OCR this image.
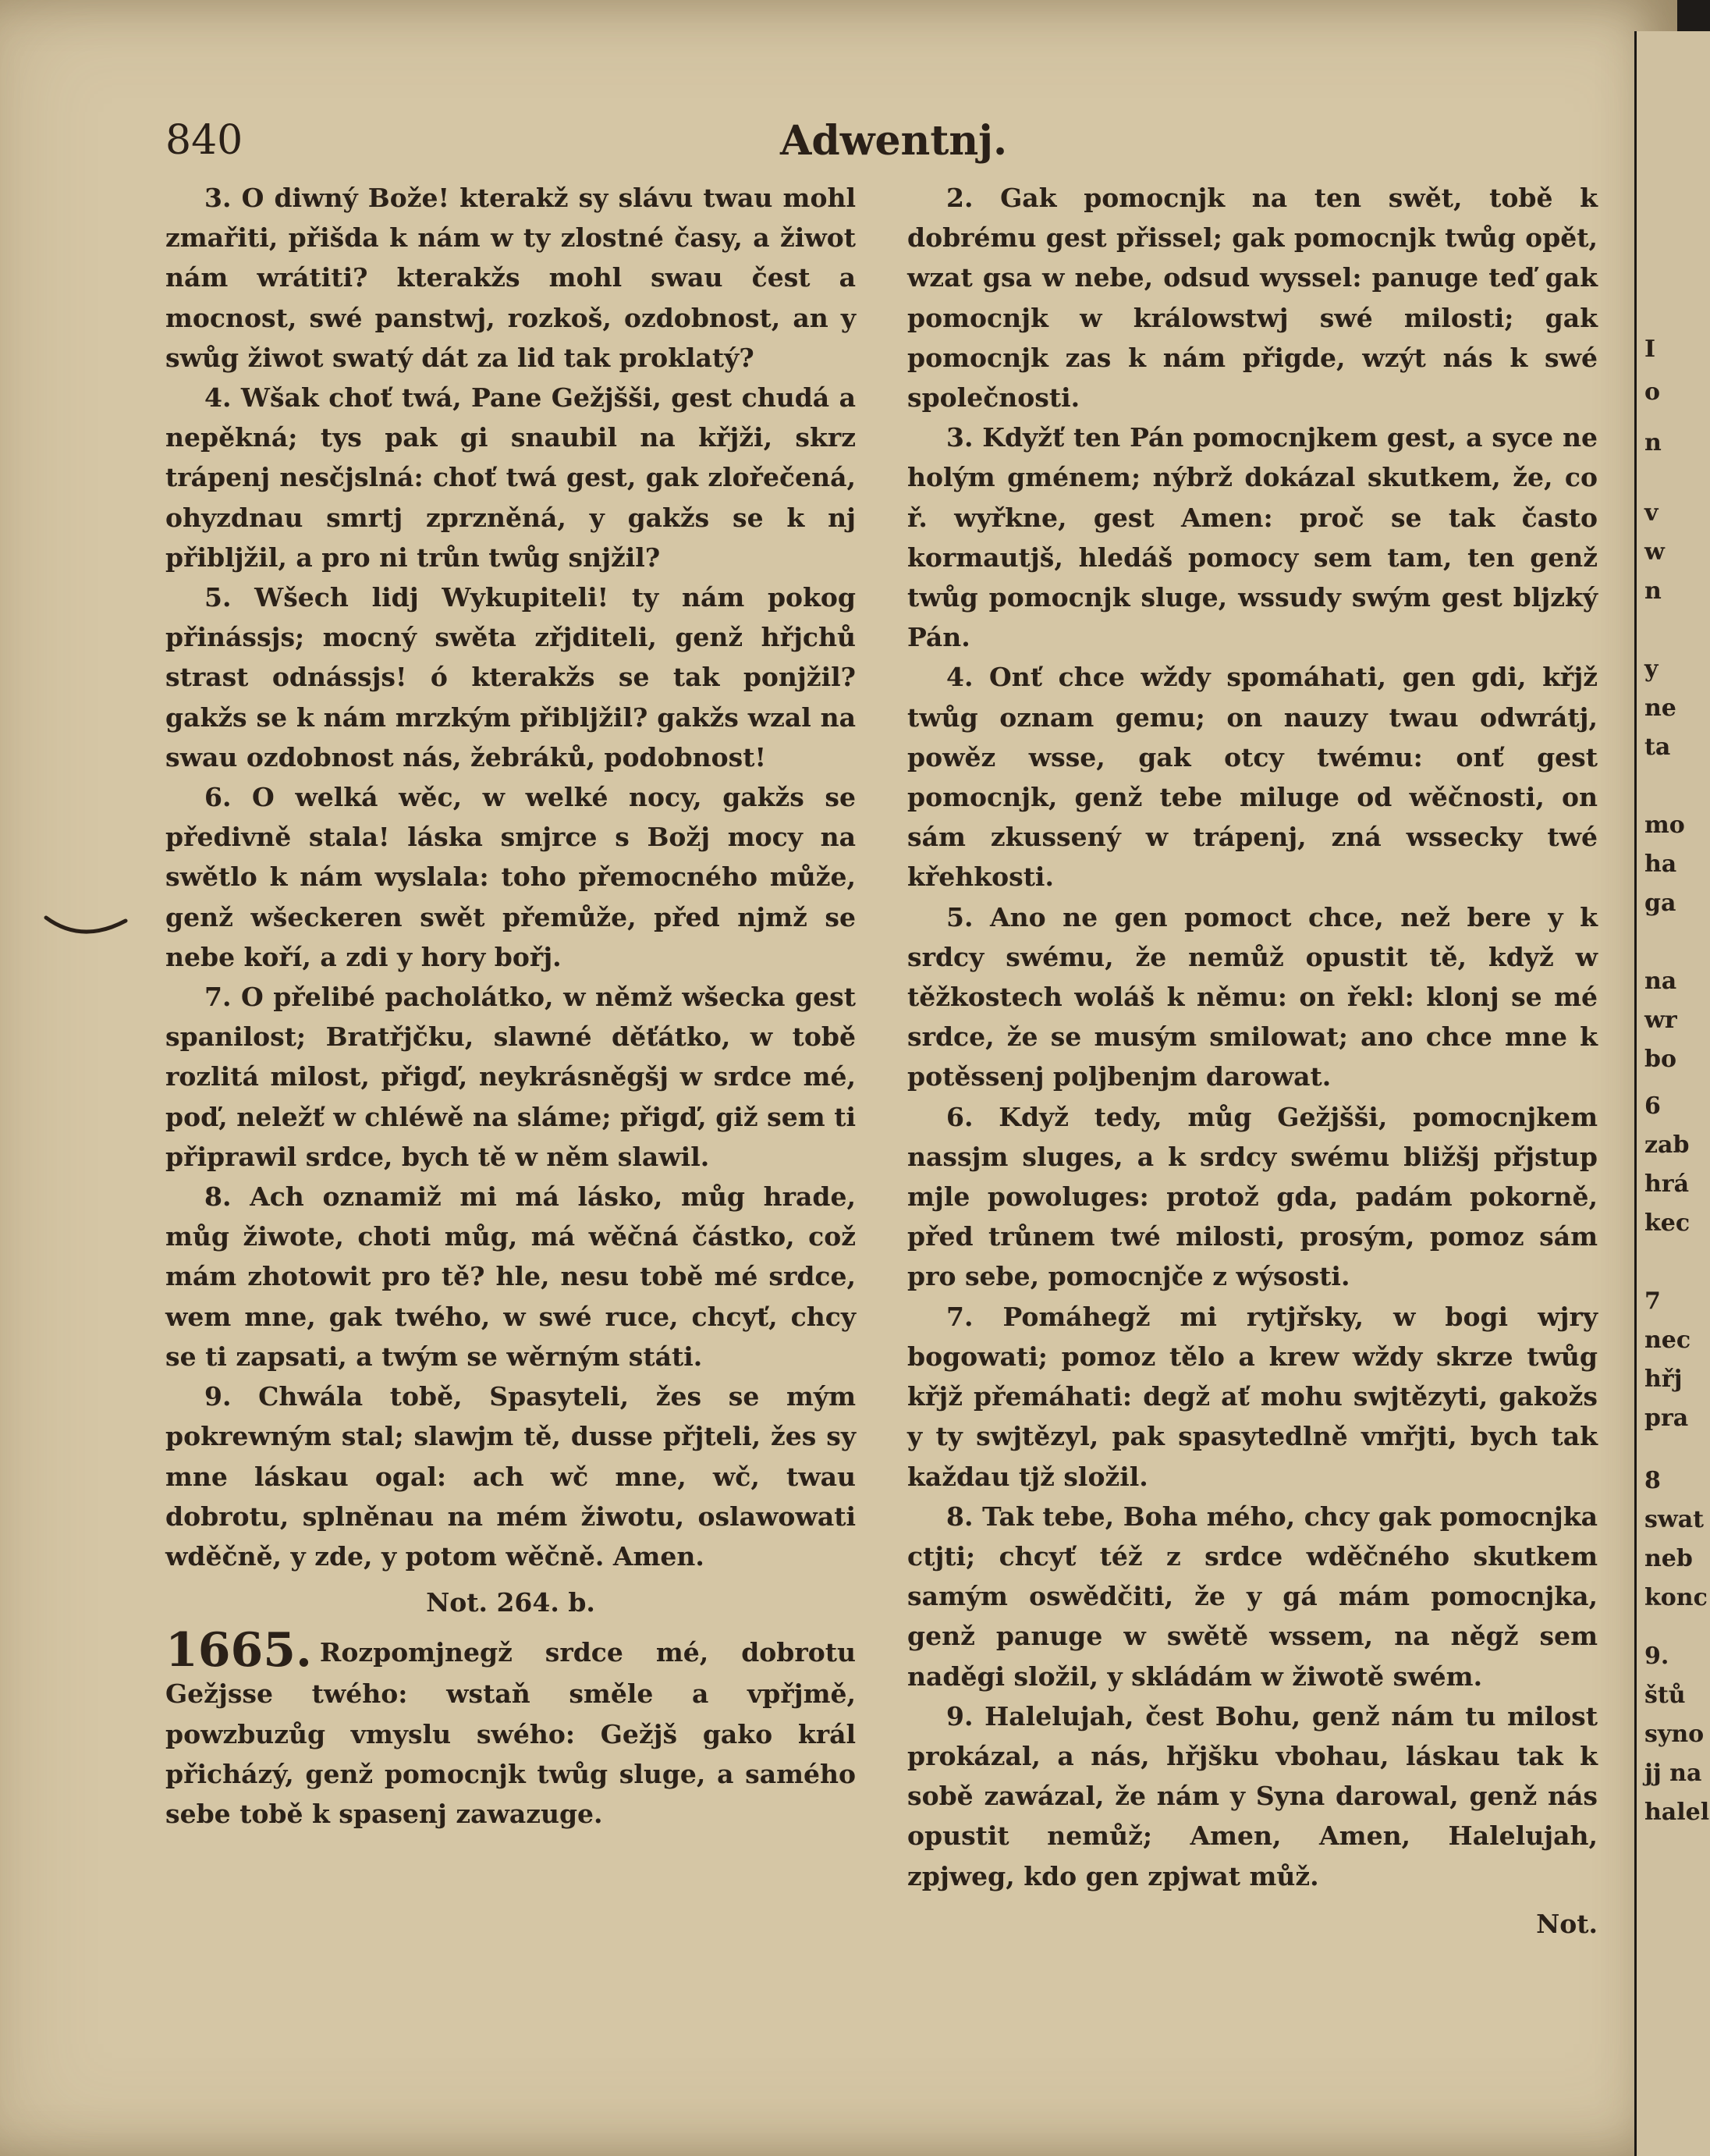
840	Adwentnj.

3. O diwný Bože! kterakž sy slávu twau mohl zmařiti, přišda k nám w ty zlostné časy, a žiwot nám wrátiti? kterakžs mohl swau čest a mocnost, swé panstwj, rozkoš, ozdobnost, an y swůg žiwot swatý dát za lid tak proklatý?

4. Wšak choť twá, Pane Gežjšši, gest chudá a nepěkná; tys pak gi snaubil na křjži, skrz trápenj nesčjslná: choť twá gest, gak zlořečená, ohyzdnau smrtj zprzněná, y gakžs se k nj přibljžil, a pro ni trůn twůg snjžil?

5. Wšech lidj Wykupiteli! ty nám pokog přinássjs; mocný swěta zřjditeli, genž hřjchů strast odnássjs! ó kterakžs se tak ponjžil? gakžs se k nám mrzkým přibljžil? gakžs wzal na swau ozdobnost nás, žebráků, podobnost!

6. O welká wěc, w welké nocy, gakžs se předivně stala! láska smjrce s Božj mocy na swětlo k nám wyslala: toho přemocného může, genž wšeckeren swět přemůže, před njmž se nebe koří, a zdi y hory bořj.

7. O přelibé pacholátko, w němž wšecka gest spanilost; Bratřjčku, slawné děťátko, w tobě rozlitá milost, přigď, neykrásněgšj w srdce mé, poď, neležť w chléwě na sláme; přigď, giž sem ti připrawil srdce, bych tě w něm slawil.

8. Ach oznamiž mi má lásko, můg hrade, můg žiwote, choti můg, má wěčná částko, což mám zhotowit pro tě? hle, nesu tobě mé srdce, wem mne, gak twého, w swé ruce, chcyť, chcy se ti zapsati, a twým se wěrným státi.

9. Chwála tobě, Spasyteli, žes se mým pokrewným stal; slawjm tě, dusse přjteli, žes sy mne láskau ogal: ach wč mne, wč, twau dobrotu, splněnau na mém žiwotu, oslawowati wděčně, y zde, y potom wěčně. Amen.

Not. 264. b.

1665. Rozpomjnegž srdce mé, dobrotu Gežjsse twého: wstaň směle a vpřjmě, powzbuzůg vmyslu swého: Gežjš gako král přicházý, genž pomocnjk twůg sluge, a samého sebe tobě k spasenj zawazuge.

2. Gak pomocnjk na ten swět, tobě k dobrému gest přissel; gak pomocnjk twůg opět, wzat gsa w nebe, odsud wyssel: panuge teď gak pomocnjk w králowstwj swé milosti; gak pomocnjk zas k nám přigde, wzýt nás k swé společnosti.

3. Kdyžť ten Pán pomocnjkem gest, a syce ne holým gménem; nýbrž dokázal skutkem, že, co ř. wyřkne, gest Amen: proč se tak často kormautjš, hledáš pomocy sem tam, ten genž twůg pomocnjk sluge, wssudy swým gest bljzký Pán.

4. Onť chce wždy spomáhati, gen gdi, křjž twůg oznam gemu; on nauzy twau odwrátj, powěz wsse, gak otcy twému: onť gest pomocnjk, genž tebe miluge od wěčnosti, on sám zkussený w trápenj, zná wssecky twé křehkosti.

5. Ano ne gen pomoct chce, než bere y k srdcy swému, že nemůž opustit tě, když w těžkostech woláš k němu: on řekl: klonj se mé srdce, že se musým smilowat; ano chce mne k potěssenj poljbenjm darowat.

6. Když tedy, můg Gežjšši, pomocnjkem nassjm sluges, a k srdcy swému bližšj přjstup mjle powoluges: protož gda, padám pokorně, před trůnem twé milosti, prosým, pomoz sám pro sebe, pomocnjče z wýsosti.

7. Pomáhegž mi rytjřsky, w bogi wjry bogowati; pomoz tělo a krew wždy skrze twůg křjž přemáhati: degž ať mohu swjtězyti, gakožs y ty swjtězyl, pak spasytedlně vmřjti, bych tak každau tjž složil.

8. Tak tebe, Boha mého, chcy gak pomocnjka ctjti; chcyť též z srdce wděčného skutkem samým oswědčiti, že y gá mám pomocnjka, genž panuge w swětě wssem, na něgž sem naděgi složil, y skládám w žiwotě swém.

9. Halelujah, čest Bohu, genž nám tu milost prokázal, a nás, hřjšku vbohau, láskau tak k sobě zawázal, že nám y Syna darowal, genž nás opustit nemůž; Amen, Amen, Halelujah, zpjweg, kdo gen zpjwat můž.

Not.

I
o
n
v
w
n
y
ne
ta
mo
ha
ga
na
wr
bo
6
zab
hrá
kec
7
nec
hřj
pra
8
swat
neb
konc
9.
štů
syno
jj na
halel
